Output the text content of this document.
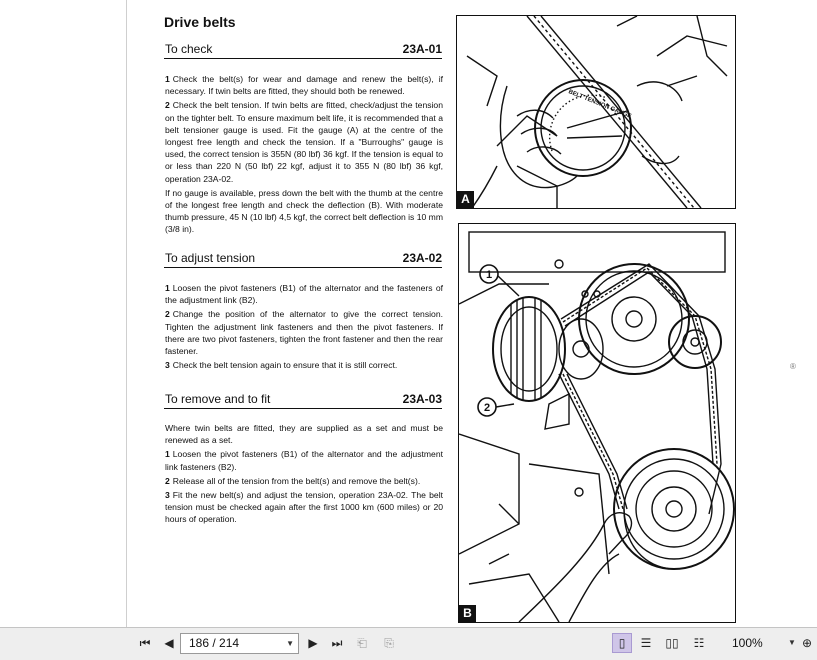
®
Drive belts
To check	23A-01

1 Check the belt(s) for wear and damage and renew the belt(s), if necessary. If twin belts are fitted, they should both be renewed.

2 Check the belt tension. If twin belts are fitted, check/adjust the tension on the tighter belt. To ensure maximum belt life, it is recommended that a belt tensioner gauge is used. Fit the gauge (A) at the centre of the longest free length and check the tension. If a "Burroughs" gauge is used, the correct tension is 355N (80 lbf) 36 kgf. If the tension is equal to or less than 220 N (50 lbf) 22 kgf, adjust it to 355 N (80 lbf) 36 kgf, operation 23A-02.

If no gauge is available, press down the belt with the thumb at the centre of the longest free length and check the deflection (B). With moderate thumb pressure, 45 N (10 lbf) 4,5 kgf, the correct belt deflection is 10 mm (3/8 in).

To adjust tension	23A-02

1 Loosen the pivot fasteners (B1) of the alternator and the fasteners of the adjustment link (B2).

2 Change the position of the alternator to give the correct tension. Tighten the adjustment link fasteners and then the pivot fasteners. If there are two pivot fasteners, tighten the front fastener and then the rear fastener.

3 Check the belt tension again to ensure that it is still correct.

To remove and to fit	23A-03

Where twin belts are fitted, they are supplied as a set and must be renewed as a set.

1 Loosen the pivot fasteners (B1) of the alternator and the adjustment link fasteners (B2).

2 Release all of the tension from the belt(s) and remove the belt(s).

3 Fit the new belt(s) and adjust the tension, operation 23A-02. The belt tension must be checked again after the first 1000 km (600 miles) or 20 hours of operation.

BELT TENSION GAUGE
A
1
2
B
⏮	◀	186 / 214	▼	▶	⏭	⎗	⎘	▯	☰	▯▯	☷	100%	▼ ⊕
